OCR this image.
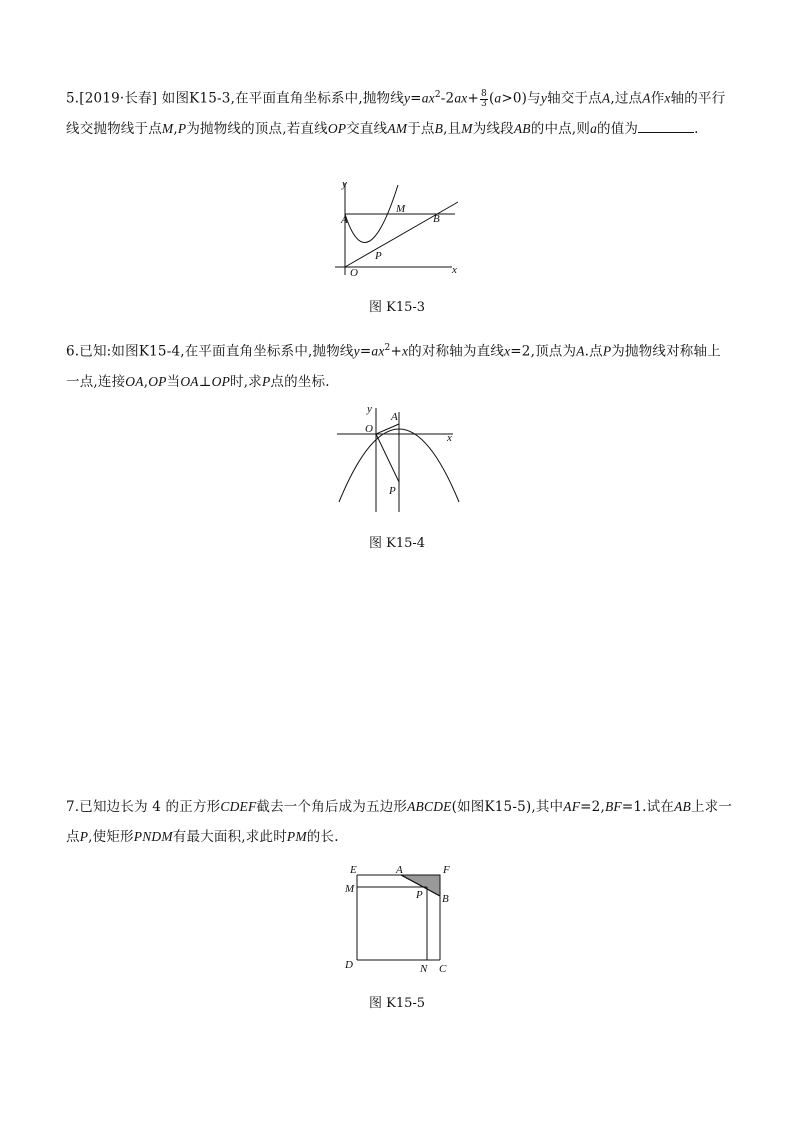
5.[2019·长春] 如图K15-3,在平面直角坐标系中,抛物线$y=ax^2-2ax+ \frac{8}{3} (a>0)$与y轴交于点A,过点A作x轴的平行线交抛物线于点M,P为抛物线的顶点,若直线OP交直线AM于点B,且M为线段AB的中点,则a的值为	.
y
A
M
B
P
O	x
图 K15-3
6.已知:如图K15-4,在平面直角坐标系中,抛物线$y=ax^2+x$的对称轴为直线x=2,顶点为A.点P为抛物线对称轴上一点,连接OA,OP当OA⊥OP时,求P点的坐标.
y
A
O
x
P
图 K15-4
7.已知边长为 4 的正方形CDEF截去一个角后成为五边形ABCDE(如图K15-5),其中AF=2,BF=1.试在AB上求一点P,使矩形PNDM有最大面积,求此时PM的长.
E	A	F
M	P B
D	N C
图 K15-5
